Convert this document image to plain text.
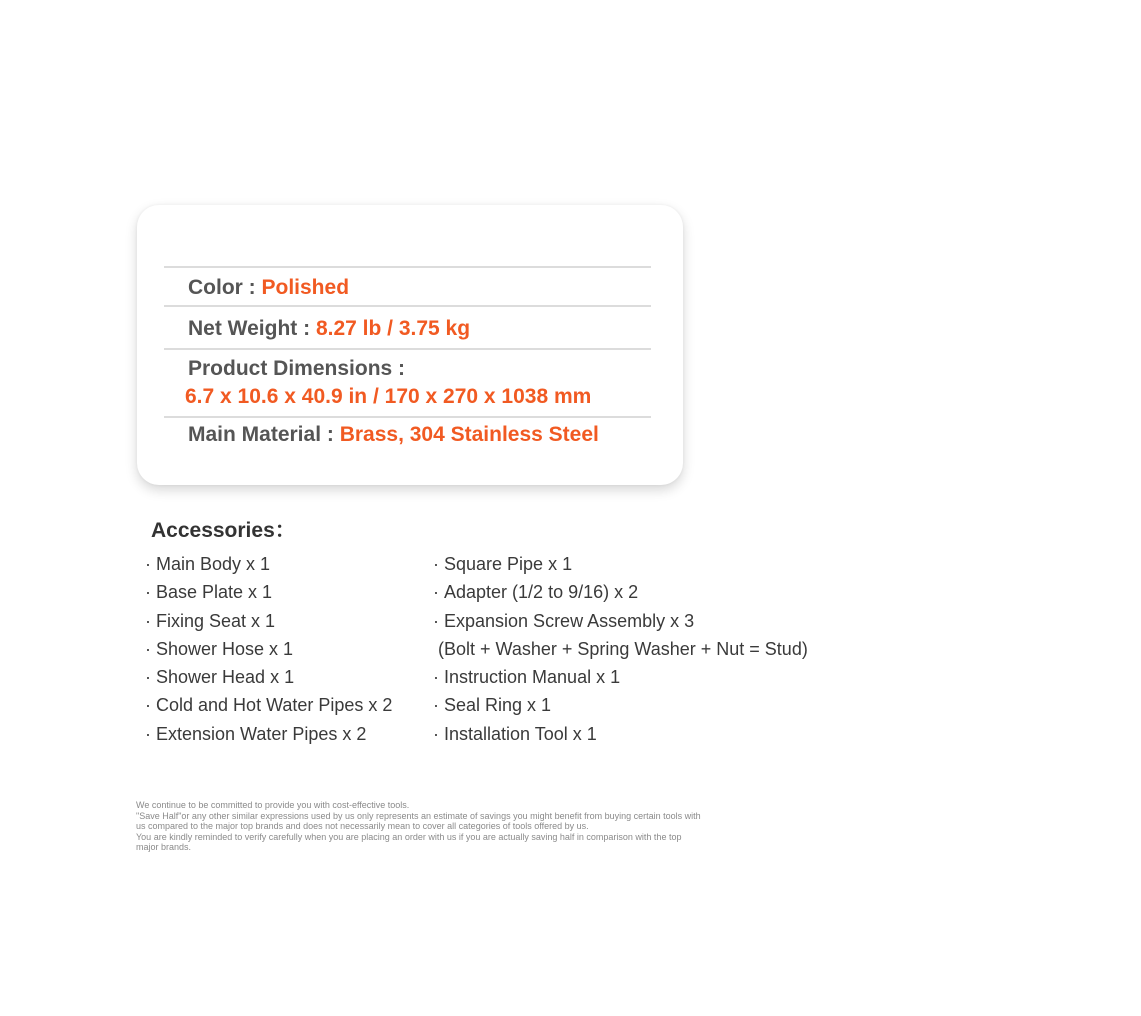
Color : Polished
Net Weight : 8.27 lb / 3.75 kg
Product Dimensions :
6.7 x 10.6 x 40.9 in / 170 x 270 x 1038 mm
Main Material : Brass, 304 Stainless Steel
Accessories：
· Main Body x 1
· Base Plate x 1
· Fixing Seat x 1
· Shower Hose x 1
· Shower Head x 1
· Cold and Hot Water Pipes x 2
· Extension Water Pipes x 2
· Square Pipe x 1
· Adapter (1/2 to 9/16) x 2
· Expansion Screw Assembly x 3
(Bolt + Washer + Spring Washer + Nut = Stud)
· Instruction Manual x 1
· Seal Ring x 1
· Installation Tool x 1
We continue to be committed to provide you with cost-effective tools.
"Save Half"or any other similar expressions used by us only represents an estimate of savings you might benefit from buying certain tools with
us compared to the major top brands and does not necessarily mean to cover all categories of tools offered by us.
You are kindly reminded to verify carefully when you are placing an order with us if you are actually saving half in comparison with the top
major brands.
